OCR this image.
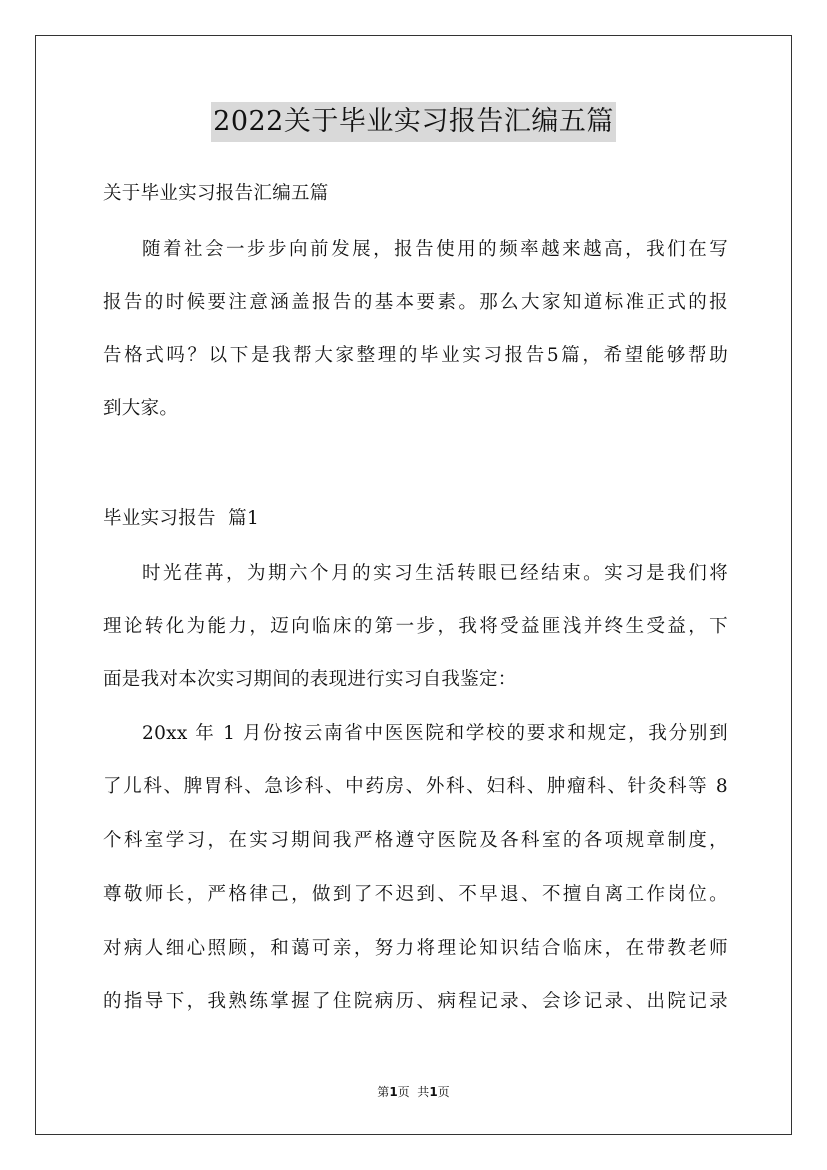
2022关于毕业实习报告汇编五篇
关于毕业实习报告汇编五篇
随着社会一步步向前发展，报告使用的频率越来越高，我们在写
报告的时候要注意涵盖报告的基本要素。那么大家知道标准正式的报
告格式吗？以下是我帮大家整理的毕业实习报告5篇，希望能够帮助
到大家。
毕业实习报告  篇1
时光荏苒，为期六个月的实习生活转眼已经结束。实习是我们将
理论转化为能力，迈向临床的第一步，我将受益匪浅并终生受益，下
面是我对本次实习期间的表现进行实习自我鉴定：
20xx 年 1 月份按云南省中医医院和学校的要求和规定，我分别到
了儿科、脾胃科、急诊科、中药房、外科、妇科、肿瘤科、针灸科等 8
个科室学习，在实习期间我严格遵守医院及各科室的各项规章制度，
尊敬师长，严格律己，做到了不迟到、不早退、不擅自离工作岗位。
对病人细心照顾，和蔼可亲，努力将理论知识结合临床，在带教老师
的指导下，我熟练掌握了住院病历、病程记录、会诊记录、出院记录
第1页  共1页
